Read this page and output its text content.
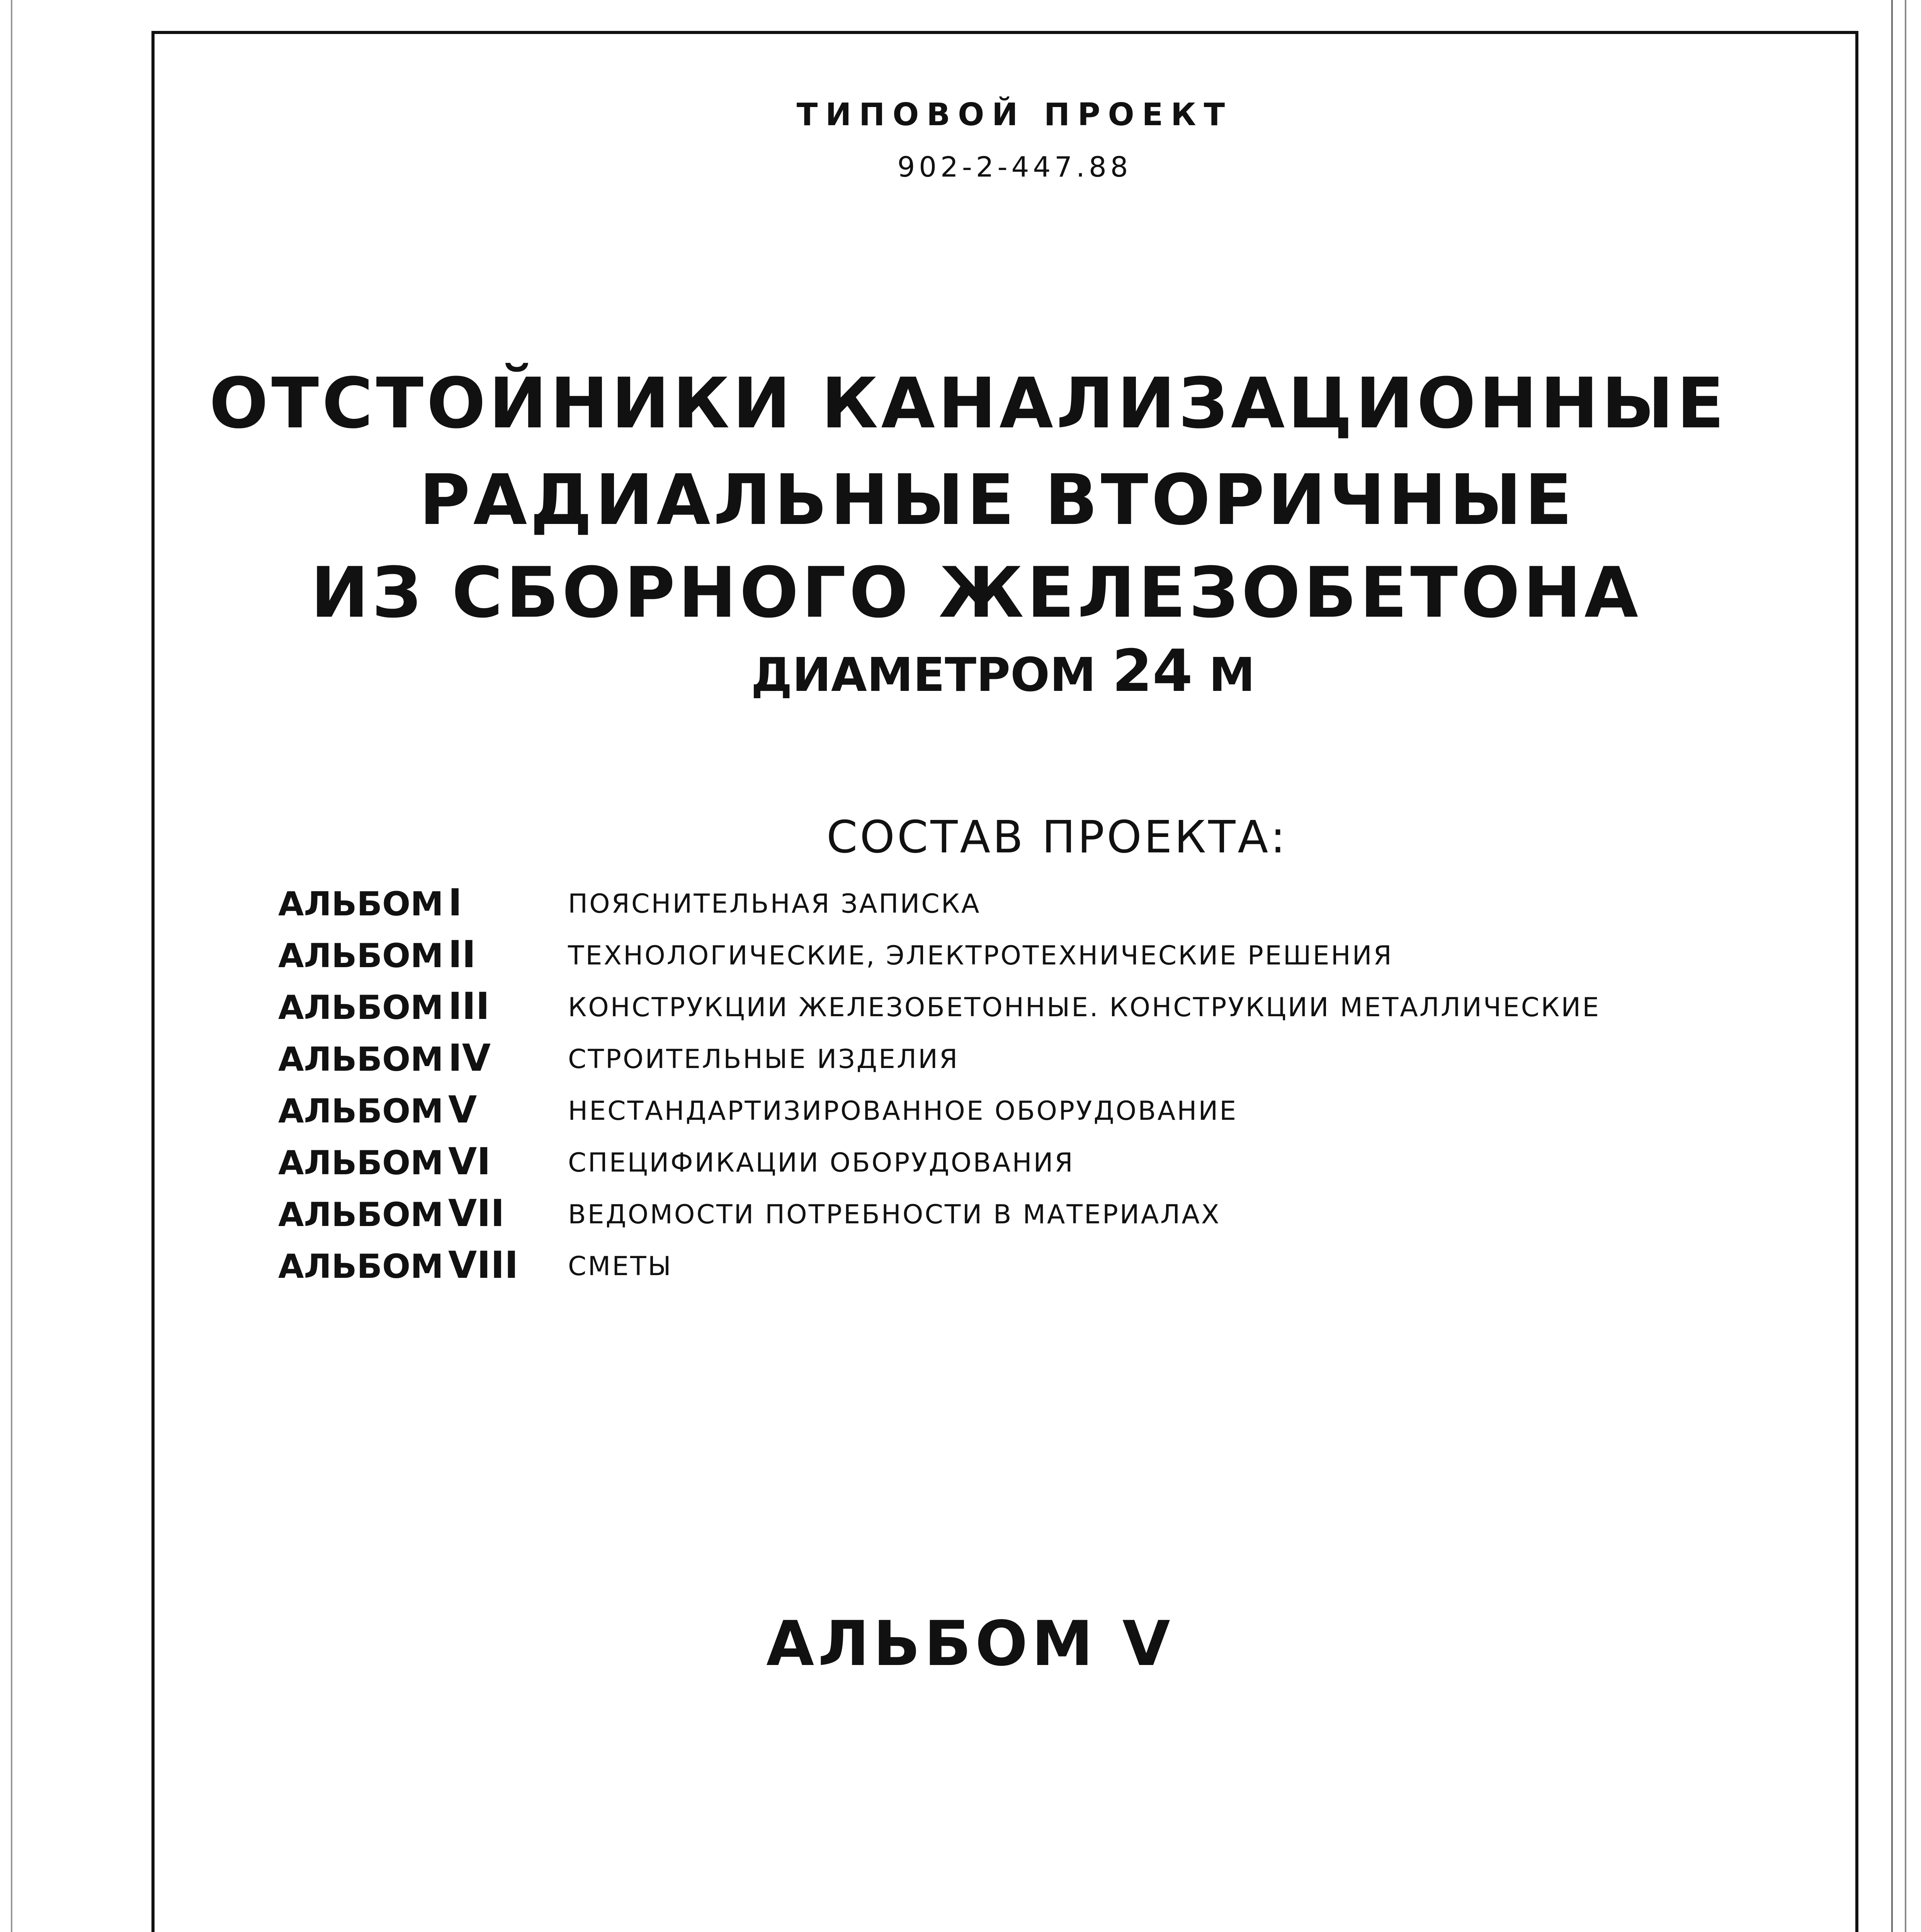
ТИПОВОЙ ПРОЕКТ
902-2-447.88
ОТСТОЙНИКИ КАНАЛИЗАЦИОННЫЕ
РАДИАЛЬНЫЕ ВТОРИЧНЫЕ
ИЗ СБОРНОГО ЖЕЛЕЗОБЕТОНА
ДИАМЕТРОМ 24 М
СОСТАВ ПРОЕКТА:
АЛЬБОМ I	ПОЯСНИТЕЛЬНАЯ ЗАПИСКА
АЛЬБОМ II	ТЕХНОЛОГИЧЕСКИЕ, ЭЛЕКТРОТЕХНИЧЕСКИЕ РЕШЕНИЯ
АЛЬБОМ III	КОНСТРУКЦИИ ЖЕЛЕЗОБЕТОННЫЕ. КОНСТРУКЦИИ МЕТАЛЛИЧЕСКИЕ
АЛЬБОМ IV	СТРОИТЕЛЬНЫЕ ИЗДЕЛИЯ
АЛЬБОМ V	НЕСТАНДАРТИЗИРОВАННОЕ ОБОРУДОВАНИЕ
АЛЬБОМ VI	СПЕЦИФИКАЦИИ ОБОРУДОВАНИЯ
АЛЬБОМ VII ВЕДОМОСТИ ПОТРЕБНОСТИ В МАТЕРИАЛАХ
АЛЬБОМ VIII СМЕТЫ
АЛЬБОМ V
